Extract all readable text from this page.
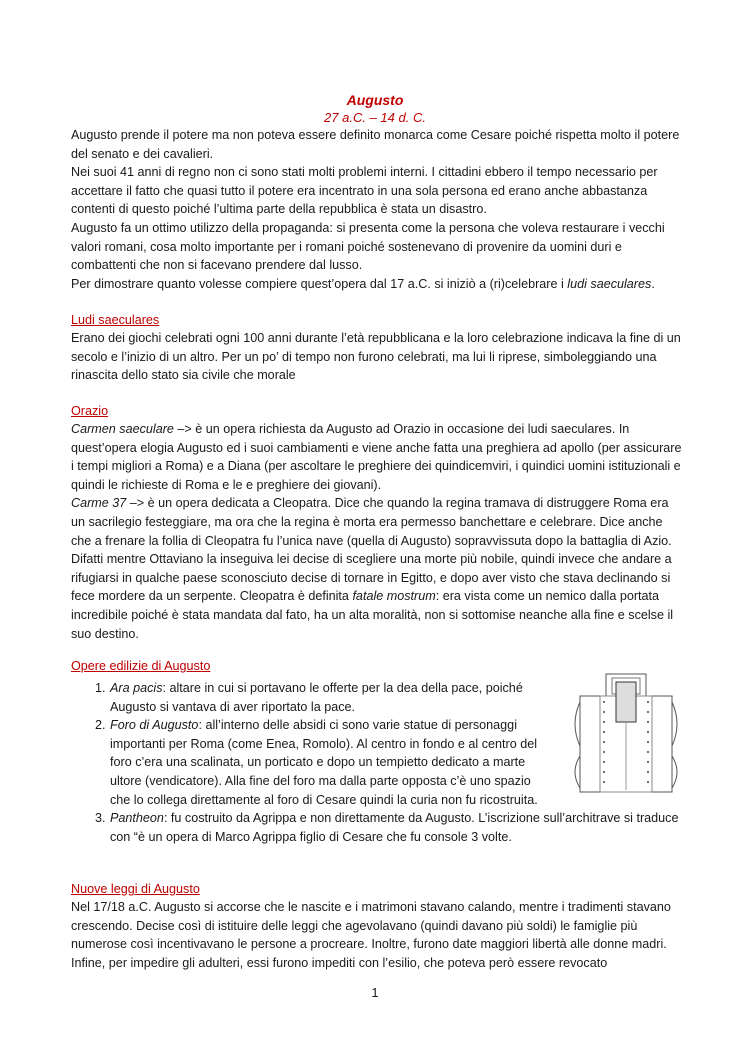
Augusto
27 a.C. – 14 d. C.

Augusto prende il potere ma non poteva essere definito monarca come Cesare poiché rispetta molto il potere del senato e dei cavalieri.

Nei suoi 41 anni di regno non ci sono stati molti problemi interni. I cittadini ebbero il tempo necessario per accettare il fatto che quasi tutto il potere era incentrato in una sola persona ed erano anche abbastanza contenti di questo poiché l’ultima parte della repubblica è stata un disastro.

Augusto fa un ottimo utilizzo della propaganda: si presenta come la persona che voleva restaurare i vecchi valori romani, cosa molto importante per i romani poiché sostenevano di provenire da uomini duri e combattenti che non si facevano prendere dal lusso.

Per dimostrare quanto volesse compiere quest’opera dal 17 a.C. si iniziò a (ri)celebrare i ludi saeculares.

Ludi saeculares

Erano dei giochi celebrati ogni 100 anni durante l’età repubblicana e la loro celebrazione indicava la fine di un secolo e l’inizio di un altro. Per un po’ di tempo non furono celebrati, ma lui li riprese, simboleggiando una rinascita dello stato sia civile che morale

Orazio

Carmen saeculare –> è un opera richiesta da Augusto ad Orazio in occasione dei ludi saeculares. In quest’opera elogia Augusto ed i suoi cambiamenti e viene anche fatta una preghiera ad apollo (per assicurare i tempi migliori a Roma) e a Diana (per ascoltare le preghiere dei quindicemviri, i quindici uomini istituzionali e quindi le richieste di Roma e le e preghiere dei giovani).

Carme 37 –> è un opera dedicata a Cleopatra. Dice che quando la regina tramava di distruggere Roma era un sacrilegio festeggiare, ma ora che la regina è morta era permesso banchettare e celebrare. Dice anche che a frenare la follia di Cleopatra fu l’unica nave (quella di Augusto) sopravvissuta dopo la battaglia di Azio. Difatti mentre Ottaviano la inseguiva lei decise di scegliere una morte più nobile, quindi invece che andare a rifugiarsi in qualche paese sconosciuto decise di tornare in Egitto, e dopo aver visto che stava declinando si fece mordere da un serpente. Cleopatra è definita fatale mostrum: era vista come un nemico dalla portata incredibile poiché è stata mandata dal fato, ha un alta moralità, non si sottomise neanche alla fine e scelse il suo destino.

Opere edilizie di Augusto
1. Ara pacis: altare in cui si portavano le offerte per la dea della pace, poiché Augusto si vantava di aver riportato la pace.
2. Foro di Augusto: all’interno delle absidi ci sono varie statue di personaggi importanti per Roma (come Enea, Romolo). Al centro in fondo e al centro del foro c’era una scalinata, un porticato e dopo un tempietto dedicato a marte ultore (vendicatore). Alla fine del foro ma dalla parte opposta c’è uno spazio che lo collega direttamente al foro di Cesare quindi la curia non fu ricostruita.
3. Pantheon: fu costruito da Agrippa e non direttamente da Augusto. L’iscrizione sull’architrave si traduce con “è un opera di Marco Agrippa figlio di Cesare che fu console 3 volte.
Nuove leggi di Augusto

Nel 17/18 a.C. Augusto si accorse che le nascite e i matrimoni stavano calando, mentre i tradimenti stavano crescendo. Decise così di istituire delle leggi che agevolavano (quindi davano più soldi) le famiglie più numerose così incentivavano le persone a procreare. Inoltre, furono date maggiori libertà alle donne madri. Infine, per impedire gli adulteri, essi furono impediti con l’esilio, che poteva però essere revocato

1
